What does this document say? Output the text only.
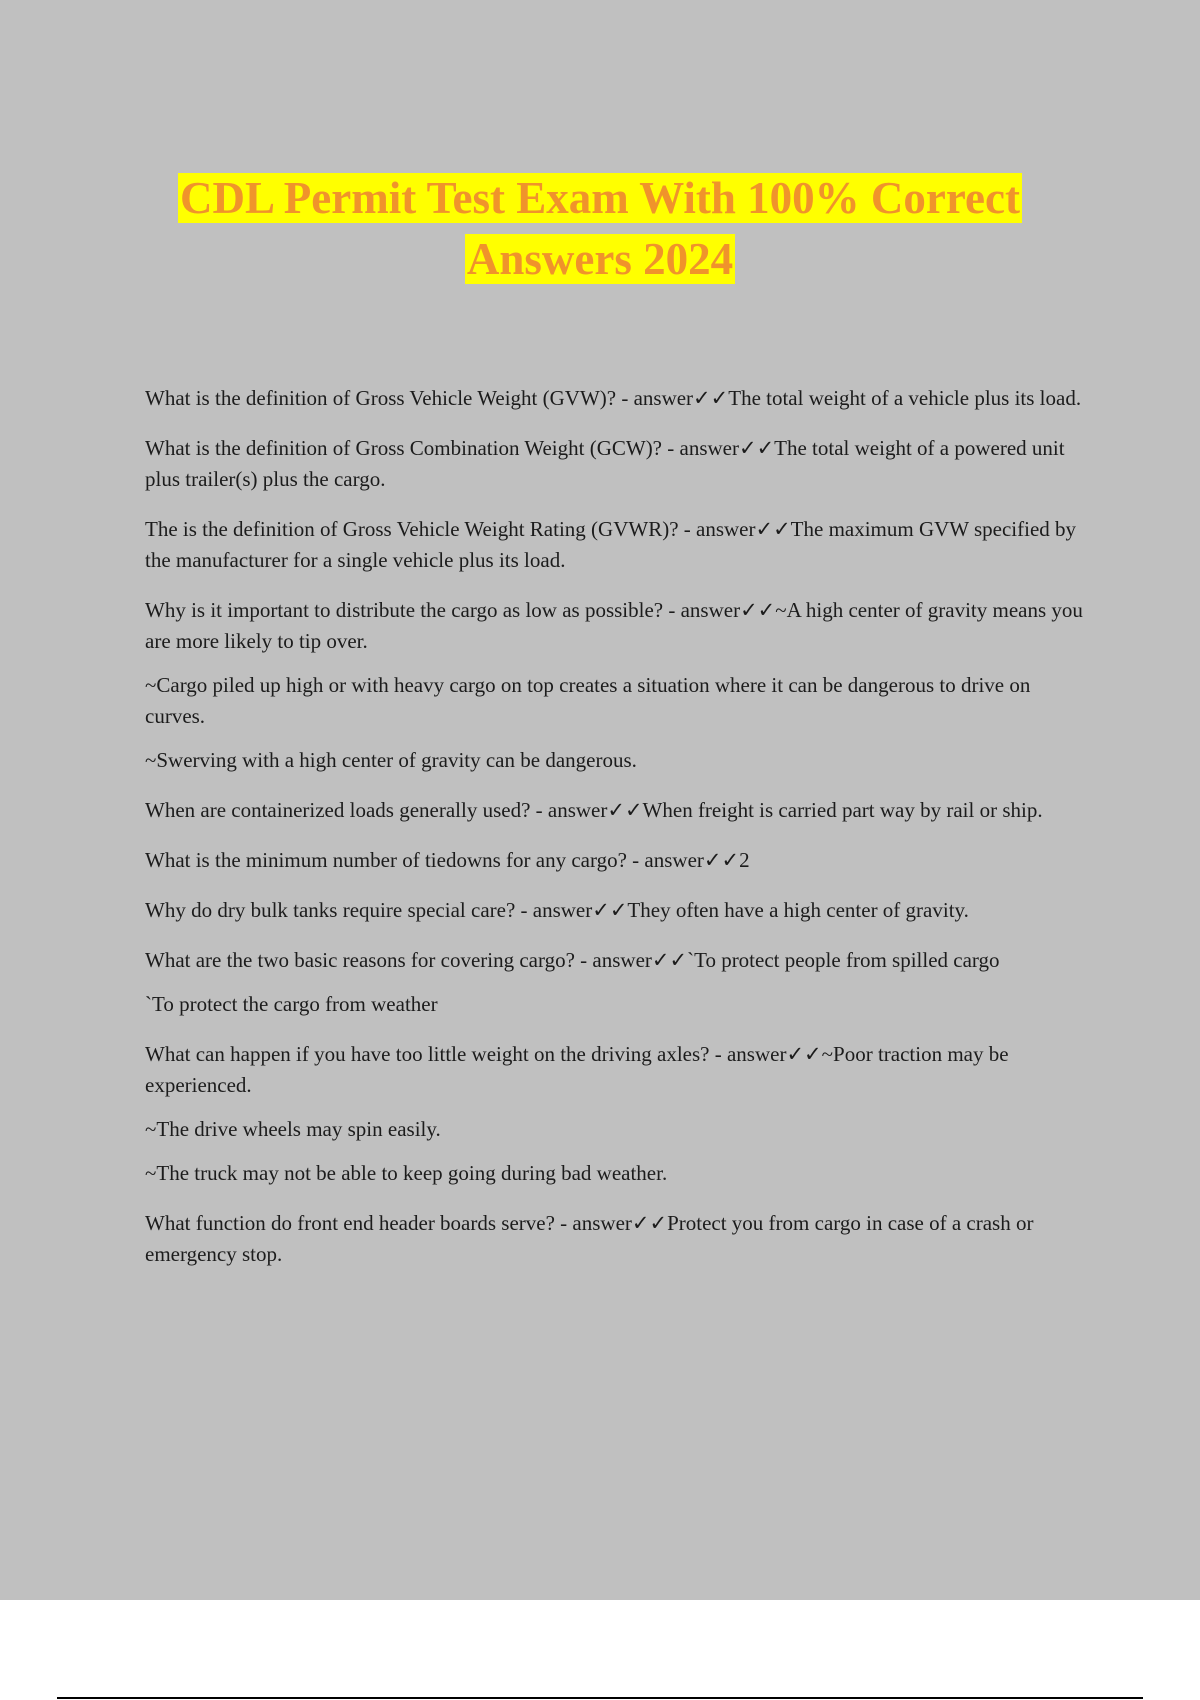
CDL Permit Test Exam With 100% Correct
Answers 2024

What is the definition of Gross Vehicle Weight (GVW)? - answer✓✓The total weight of a vehicle plus its load.

What is the definition of Gross Combination Weight (GCW)? - answer✓✓The total weight of a powered unit plus trailer(s) plus the cargo.

The is the definition of Gross Vehicle Weight Rating (GVWR)? - answer✓✓The maximum GVW specified by the manufacturer for a single vehicle plus its load.

Why is it important to distribute the cargo as low as possible? - answer✓✓~A high center of gravity means you are more likely to tip over.

~Cargo piled up high or with heavy cargo on top creates a situation where it can be dangerous to drive on curves.

~Swerving with a high center of gravity can be dangerous.

When are containerized loads generally used? - answer✓✓When freight is carried part way by rail or ship.

What is the minimum number of tiedowns for any cargo? - answer✓✓2

Why do dry bulk tanks require special care? - answer✓✓They often have a high center of gravity.

What are the two basic reasons for covering cargo? - answer✓✓`To protect people from spilled cargo

`To protect the cargo from weather

What can happen if you have too little weight on the driving axles? - answer✓✓~Poor traction may be experienced.

~The drive wheels may spin easily.

~The truck may not be able to keep going during bad weather.

What function do front end header boards serve? - answer✓✓Protect you from cargo in case of a crash or emergency stop.
